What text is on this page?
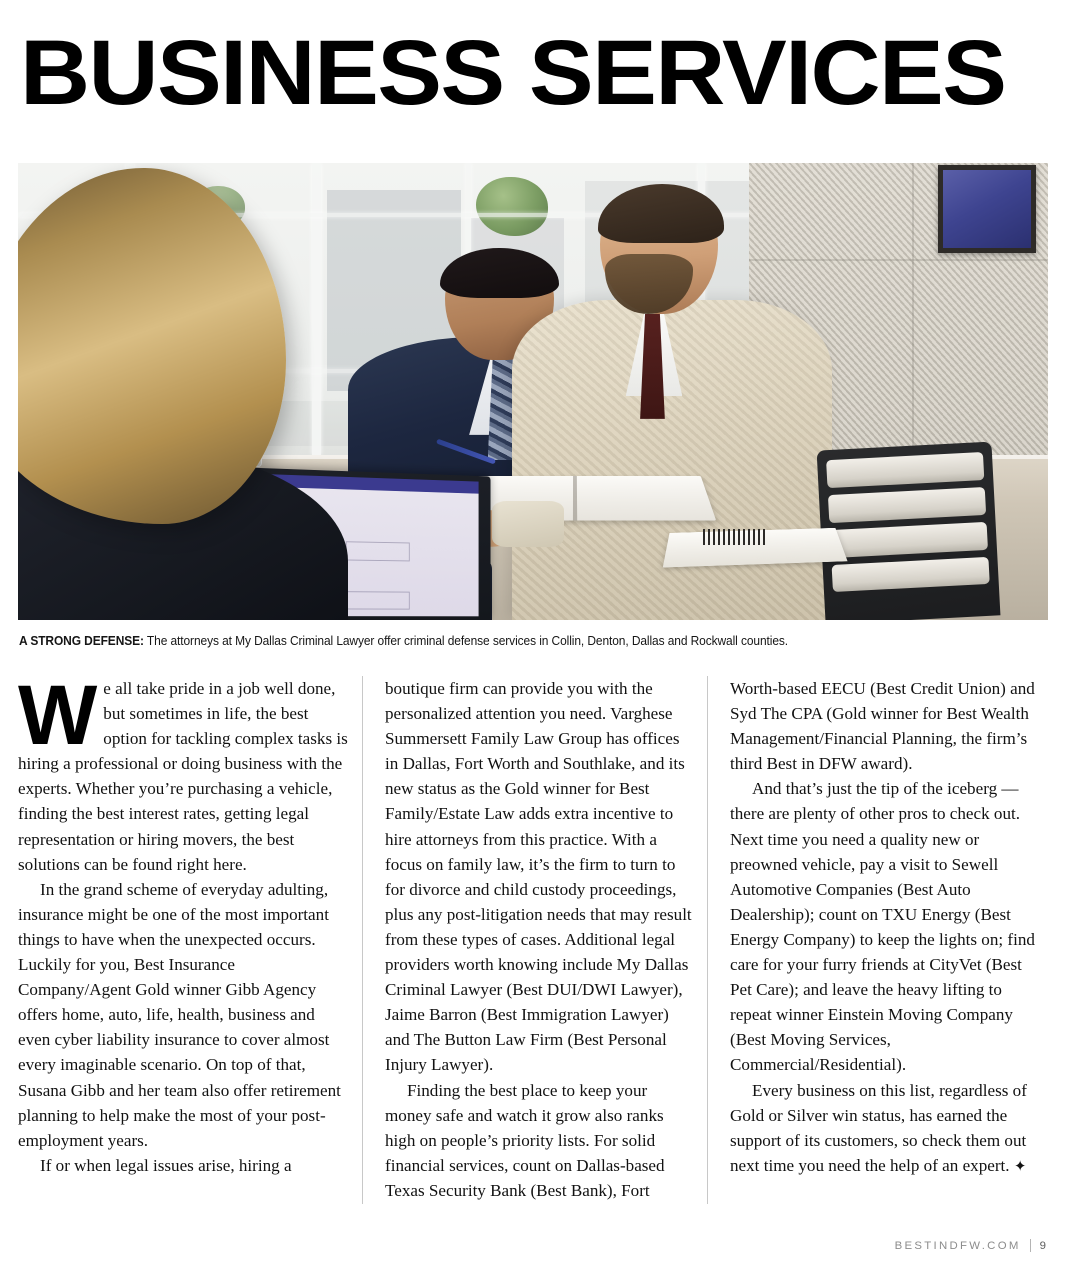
BUSINESS SERVICES
A STRONG DEFENSE: The attorneys at My Dallas Criminal Lawyer offer criminal defense services in Collin, Denton, Dallas and Rockwall counties.

We all take pride in a job well done, but sometimes in life, the best option for tackling complex tasks is hiring a professional or doing business with the experts. Whether you’re purchasing a vehicle, finding the best interest rates, getting legal representation or hiring movers, the best solutions can be found right here.

In the grand scheme of everyday adulting, insurance might be one of the most important things to have when the unexpected occurs. Luckily for you, Best Insurance Company/Agent Gold winner Gibb Agency offers home, auto, life, health, business and even cyber liability insurance to cover almost every imaginable scenario. On top of that, Susana Gibb and her team also offer retirement planning to help make the most of your post-employment years.

If or when legal issues arise, hiring a

boutique firm can provide you with the personalized attention you need. Varghese Summersett Family Law Group has offices in Dallas, Fort Worth and Southlake, and its new status as the Gold winner for Best Family/Estate Law adds extra incentive to hire attorneys from this practice. With a focus on family law, it’s the firm to turn to for divorce and child custody proceedings, plus any post-litigation needs that may result from these types of cases. Additional legal providers worth knowing include My Dallas Criminal Lawyer (Best DUI/DWI Lawyer), Jaime Barron (Best Immigration Lawyer) and The Button Law Firm (Best Personal Injury Lawyer).

Finding the best place to keep your money safe and watch it grow also ranks high on people’s priority lists. For solid financial services, count on Dallas-based Texas Security Bank (Best Bank), Fort

Worth-based EECU (Best Credit Union) and Syd The CPA (Gold winner for Best Wealth Management/Financial Planning, the firm’s third Best in DFW award).

And that’s just the tip of the iceberg — there are plenty of other pros to check out. Next time you need a quality new or preowned vehicle, pay a visit to Sewell Automotive Companies (Best Auto Dealership); count on TXU Energy (Best Energy Company) to keep the lights on; find care for your furry friends at CityVet (Best Pet Care); and leave the heavy lifting to repeat winner Einstein Moving Company (Best Moving Services, Commercial/Residential).

Every business on this list, regardless of Gold or Silver win status, has earned the support of its customers, so check them out next time you need the help of an expert. ✦

BESTINDFW.COM 9
